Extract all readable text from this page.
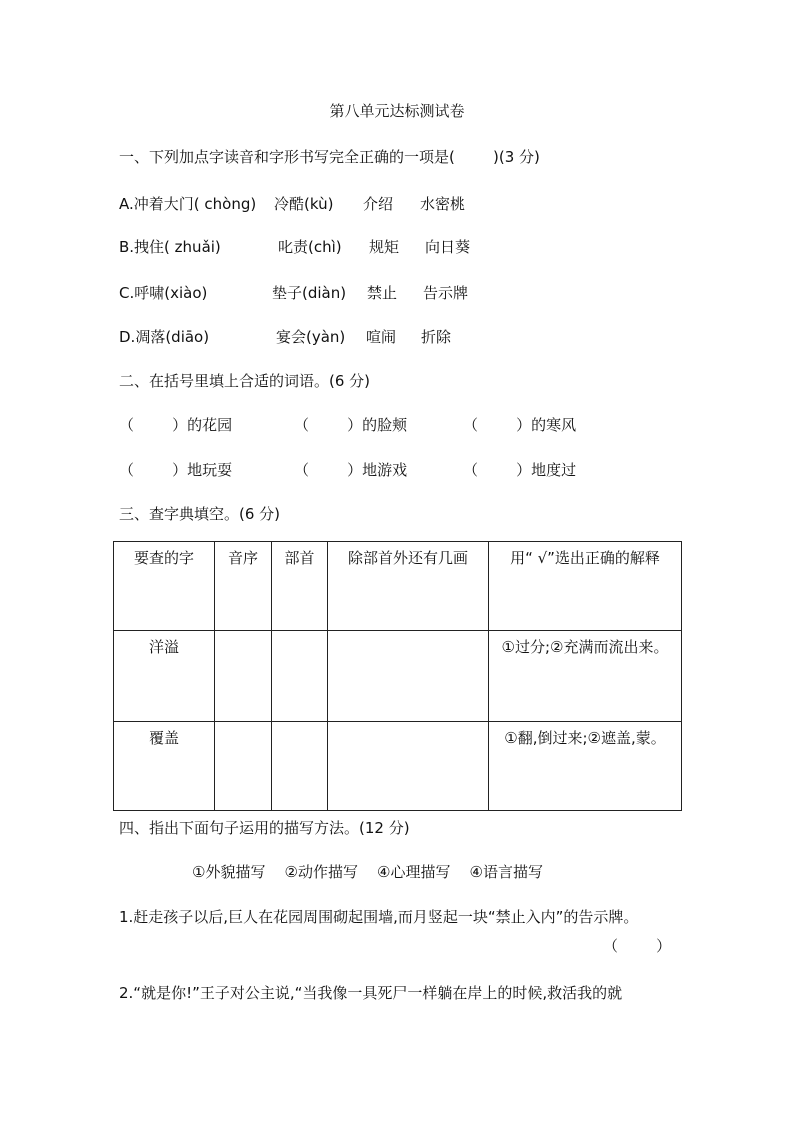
第八单元达标测试卷
一、下列加点字读音和字形书写完全正确的一项是(        )(3 分)
A.冲着大门( chòng) 冷酷(kù) 介绍 水密桃
B.拽住( zhuǎi)	叱责(chì) 规矩 向日葵
C.呼啸(xiào)	垫子(diàn) 禁止 告示牌
D.凋落(diāo)	宴会(yàn) 喧闹 折除
二、在括号里填上合适的词语。(6 分)
（        ）的花园	（        ）的脸颊	（        ）的寒风
（        ）地玩耍	（        ）地游戏	（        ）地度过
三、查字典填空。(6 分)
要查的字	音序	部首	除部首外还有几画	用“ √”选出正确的解释
洋溢				①过分;②充满而流出来。
覆盖				①翻,倒过来;②遮盖,蒙。
四、指出下面句子运用的描写方法。(12 分)
①外貌描写    ②动作描写    ④心理描写    ④语言描写
1.赶走孩子以后,巨人在花园周围砌起围墙,而月竖起一块“禁止入内”的告示牌。
（        ）
2.“就是你!”王子对公主说,“当我像一具死尸一样躺在岸上的时候,救活我的就
